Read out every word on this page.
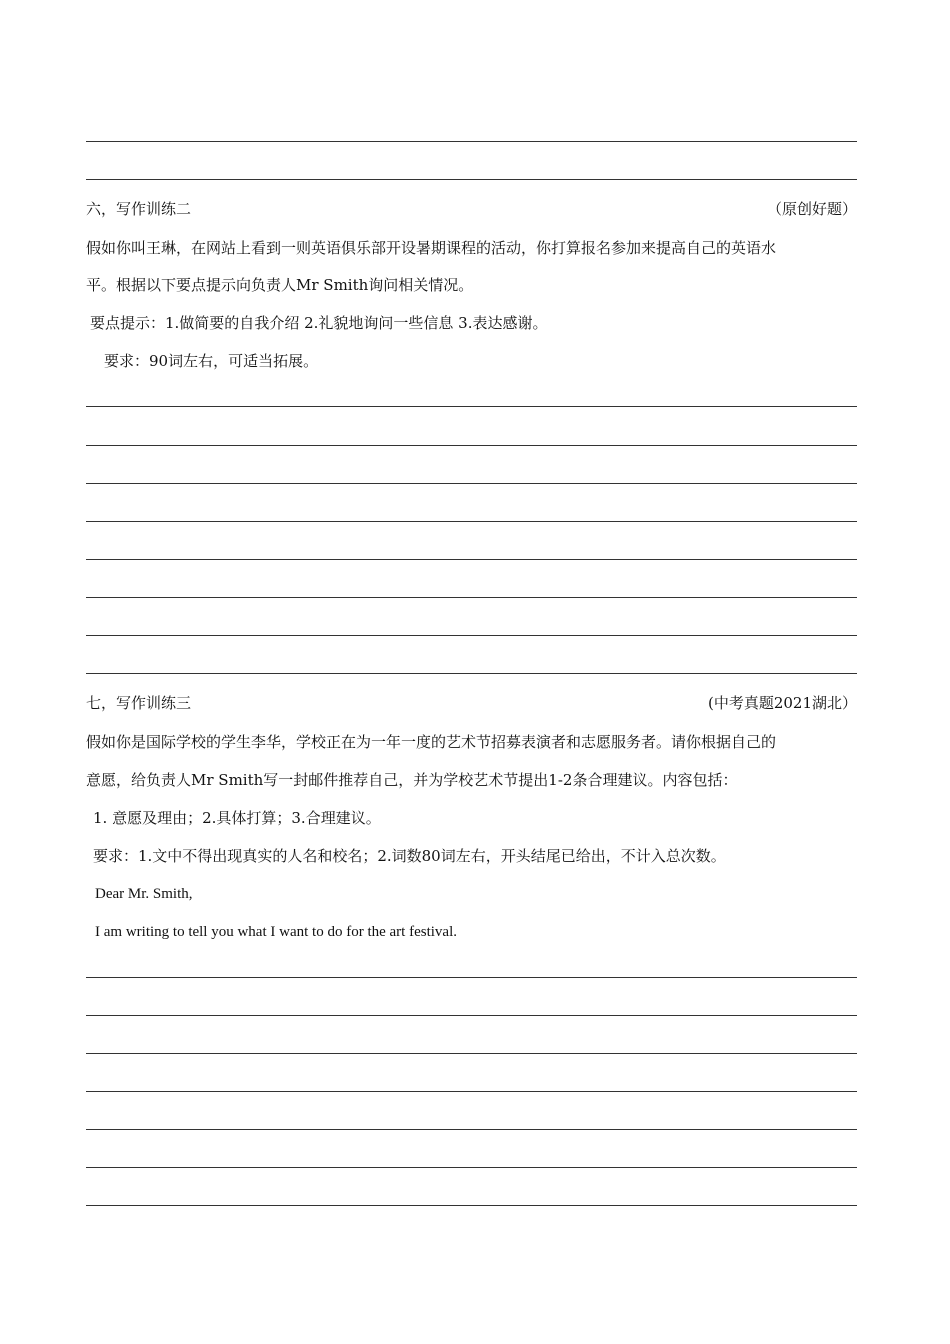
六，写作训练二	（原创好题）
假如你叫王琳，在网站上看到一则英语俱乐部开设暑期课程的活动，你打算报名参加来提高自己的英语水
平。根据以下要点提示向负责人Mr Smith询问相关情况。
要点提示：1.做简要的自我介绍 2.礼貌地询问一些信息 3.表达感谢。
要求：90词左右，可适当拓展。
七，写作训练三	(中考真题2021湖北）
假如你是国际学校的学生李华，学校正在为一年一度的艺术节招募表演者和志愿服务者。请你根据自己的
意愿，给负责人Mr Smith写一封邮件推荐自己，并为学校艺术节提出1-2条合理建议。内容包括：
1. 意愿及理由；2.具体打算；3.合理建议。
要求：1.文中不得出现真实的人名和校名；2.词数80词左右，开头结尾已给出，不计入总次数。
Dear Mr. Smith,
I am writing to tell you what I want to do for the art festival.
